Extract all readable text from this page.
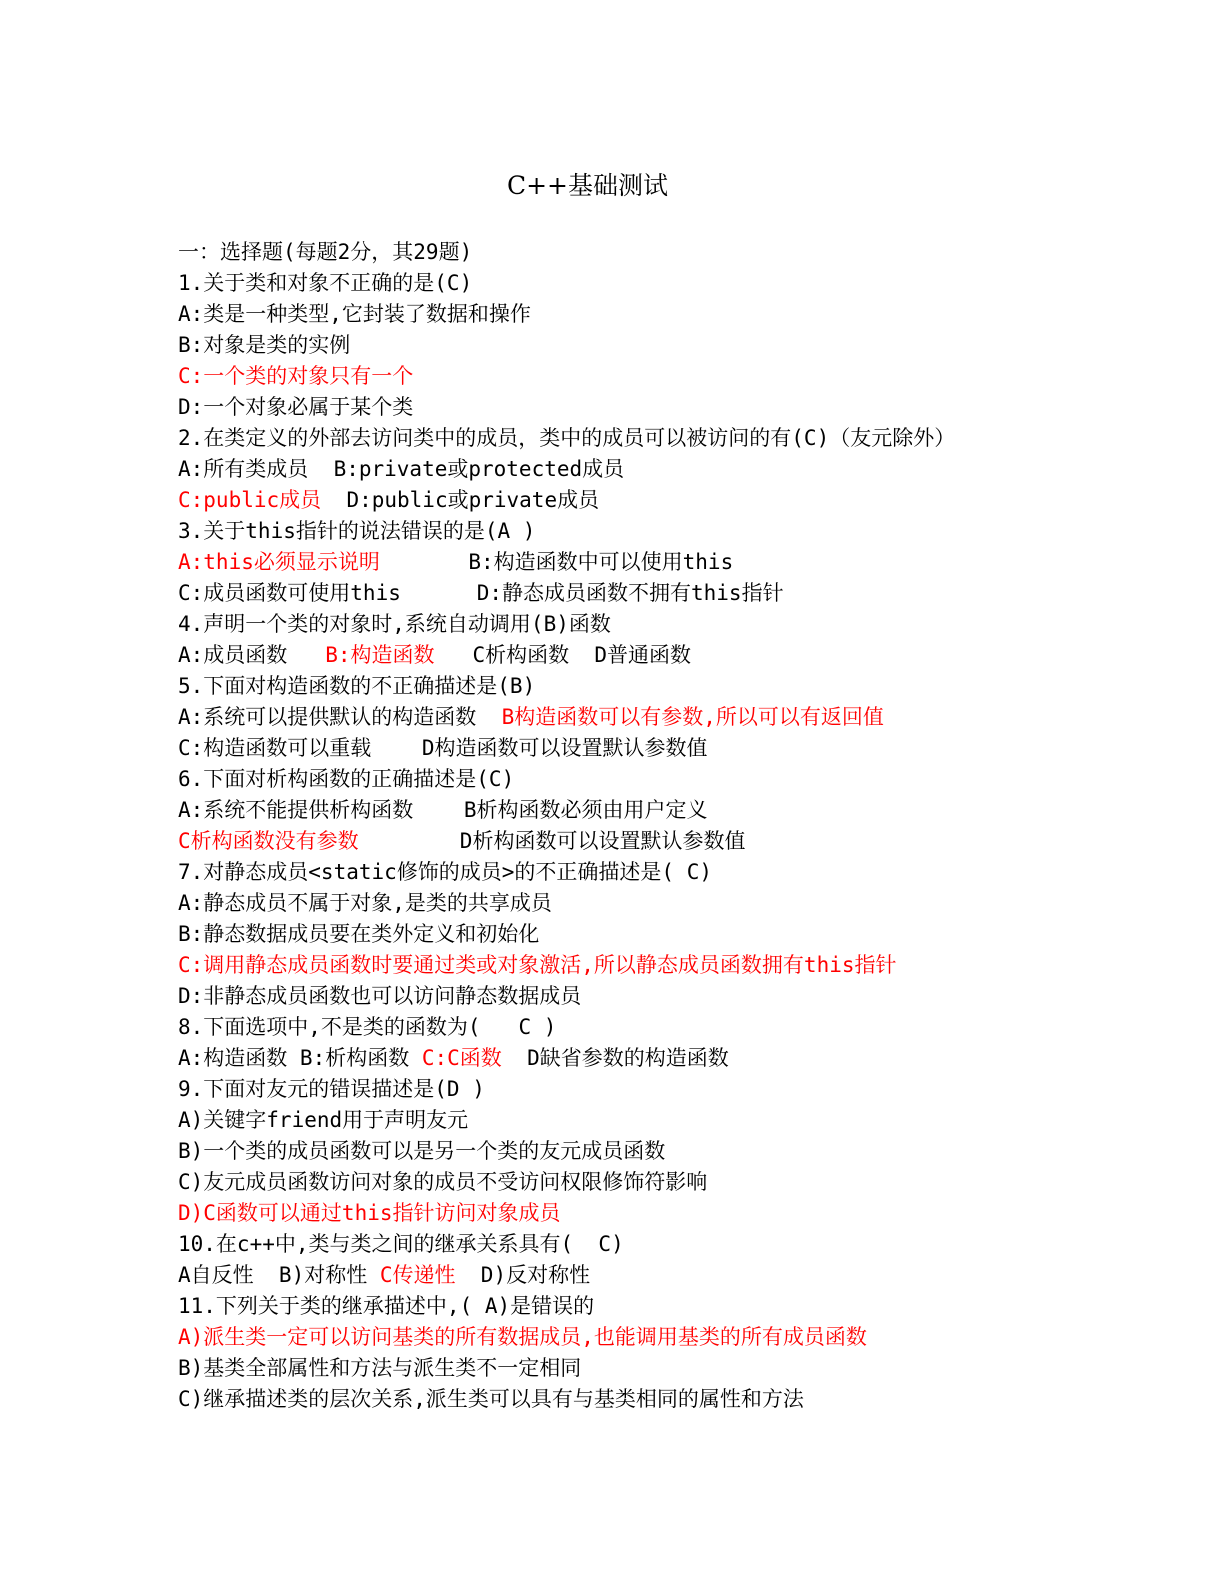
C++基础测试
一：选择题(每题2分，其29题)
1.关于类和对象不正确的是(C)
A:类是一种类型,它封装了数据和操作
B:对象是类的实例
C:一个类的对象只有一个
D:一个对象必属于某个类
2.在类定义的外部去访问类中的成员，类中的成员可以被访问的有(C)（友元除外）
A:所有类成员  B:private或protected成员
C:public成员  D:public或private成员
3.关于this指针的说法错误的是(A )
A:this必须显示说明       B:构造函数中可以使用this
C:成员函数可使用this      D:静态成员函数不拥有this指针
4.声明一个类的对象时,系统自动调用(B)函数
A:成员函数   B:构造函数   C析构函数  D普通函数
5.下面对构造函数的不正确描述是(B)
A:系统可以提供默认的构造函数  B构造函数可以有参数,所以可以有返回值
C:构造函数可以重载    D构造函数可以设置默认参数值
6.下面对析构函数的正确描述是(C)
A:系统不能提供析构函数    B析构函数必须由用户定义
C析构函数没有参数        D析构函数可以设置默认参数值
7.对静态成员<static修饰的成员>的不正确描述是( C)
A:静态成员不属于对象,是类的共享成员
B:静态数据成员要在类外定义和初始化
C:调用静态成员函数时要通过类或对象激活,所以静态成员函数拥有this指针
D:非静态成员函数也可以访问静态数据成员
8.下面选项中,不是类的函数为(   C )
A:构造函数 B:析构函数 C:C函数  D缺省参数的构造函数
9.下面对友元的错误描述是(D )
A)关键字friend用于声明友元
B)一个类的成员函数可以是另一个类的友元成员函数
C)友元成员函数访问对象的成员不受访问权限修饰符影响
D)C函数可以通过this指针访问对象成员
10.在c++中,类与类之间的继承关系具有(  C)
A自反性  B)对称性 C传递性  D)反对称性
11.下列关于类的继承描述中,( A)是错误的
A)派生类一定可以访问基类的所有数据成员,也能调用基类的所有成员函数
B)基类全部属性和方法与派生类不一定相同
C)继承描述类的层次关系,派生类可以具有与基类相同的属性和方法
